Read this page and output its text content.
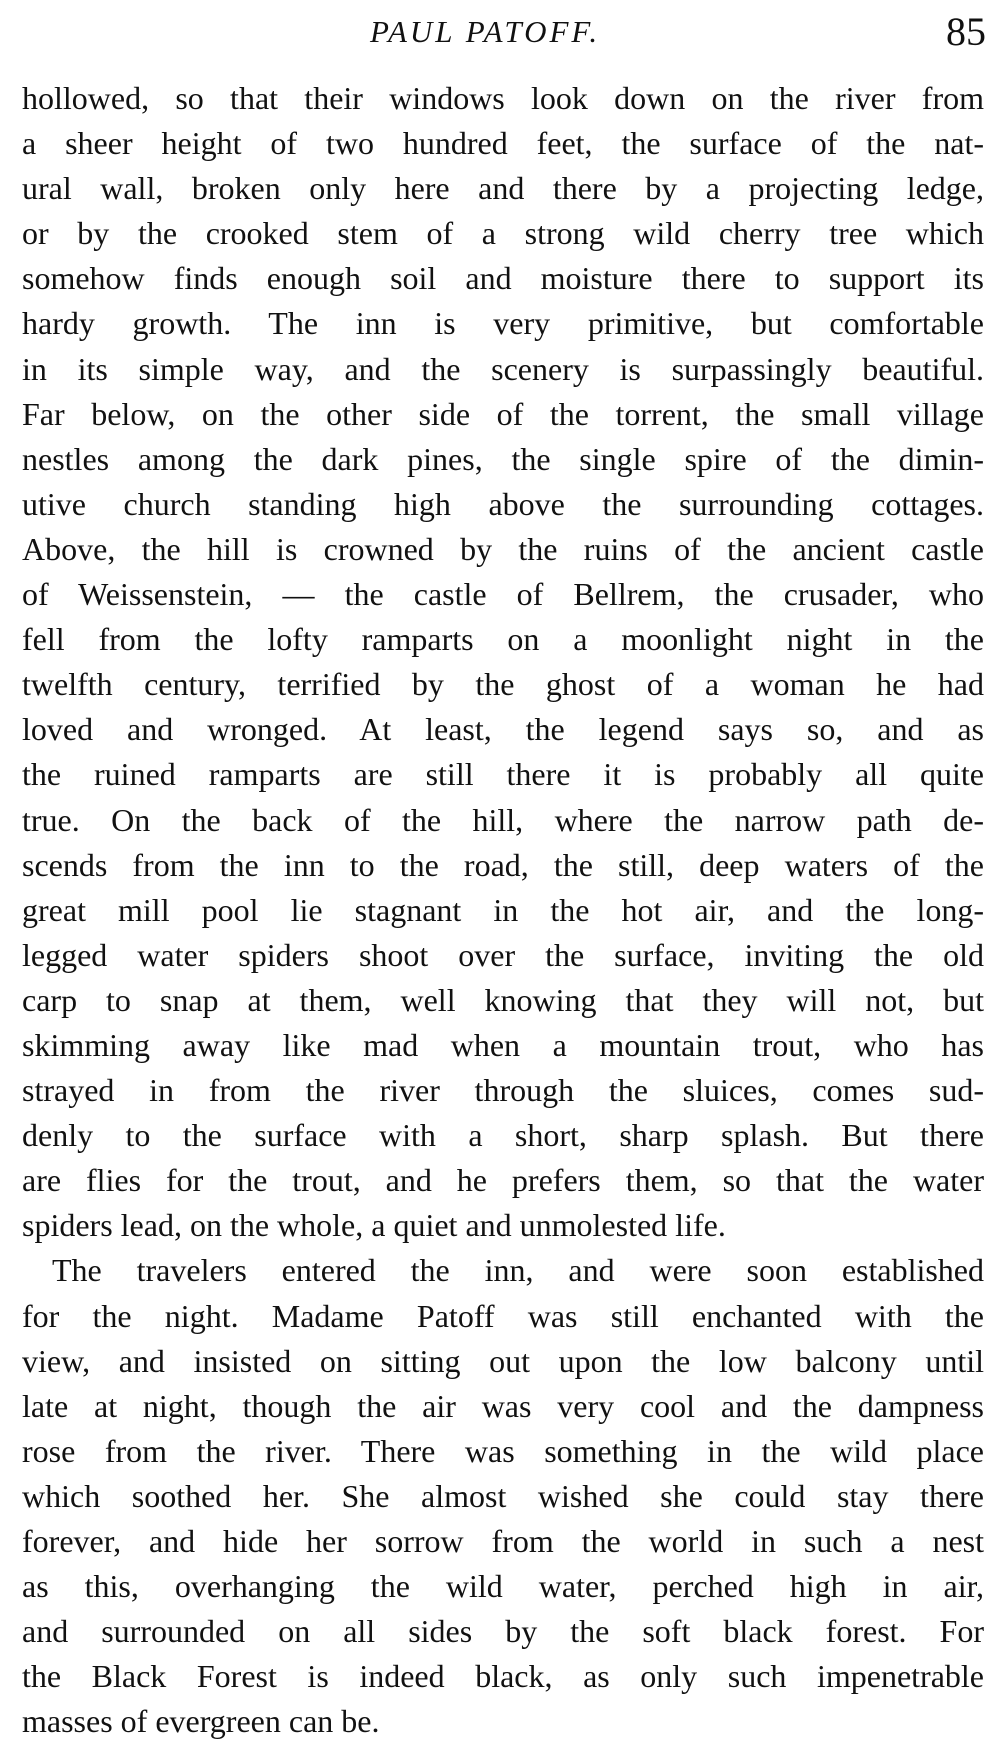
PAUL PATOFF.	85
hollowed, so that their windows look down on the river from
a sheer height of two hundred feet, the surface of the nat-
ural wall, broken only here and there by a projecting ledge,
or by the crooked stem of a strong wild cherry tree which
somehow finds enough soil and moisture there to support its
hardy growth. The inn is very primitive, but comfortable
in its simple way, and the scenery is surpassingly beautiful.
Far below, on the other side of the torrent, the small village
nestles among the dark pines, the single spire of the dimin-
utive church standing high above the surrounding cottages.
Above, the hill is crowned by the ruins of the ancient castle
of Weissenstein, — the castle of Bellrem, the crusader, who
fell from the lofty ramparts on a moonlight night in the
twelfth century, terrified by the ghost of a woman he had
loved and wronged. At least, the legend says so, and as
the ruined ramparts are still there it is probably all quite
true. On the back of the hill, where the narrow path de-
scends from the inn to the road, the still, deep waters of the
great mill pool lie stagnant in the hot air, and the long-
legged water spiders shoot over the surface, inviting the old
carp to snap at them, well knowing that they will not, but
skimming away like mad when a mountain trout, who has
strayed in from the river through the sluices, comes sud-
denly to the surface with a short, sharp splash. But there
are flies for the trout, and he prefers them, so that the water
spiders lead, on the whole, a quiet and unmolested life.
The travelers entered the inn, and were soon established
for the night. Madame Patoff was still enchanted with the
view, and insisted on sitting out upon the low balcony until
late at night, though the air was very cool and the dampness
rose from the river. There was something in the wild place
which soothed her. She almost wished she could stay there
forever, and hide her sorrow from the world in such a nest
as this, overhanging the wild water, perched high in air,
and surrounded on all sides by the soft black forest. For
the Black Forest is indeed black, as only such impenetrable
masses of evergreen can be.
